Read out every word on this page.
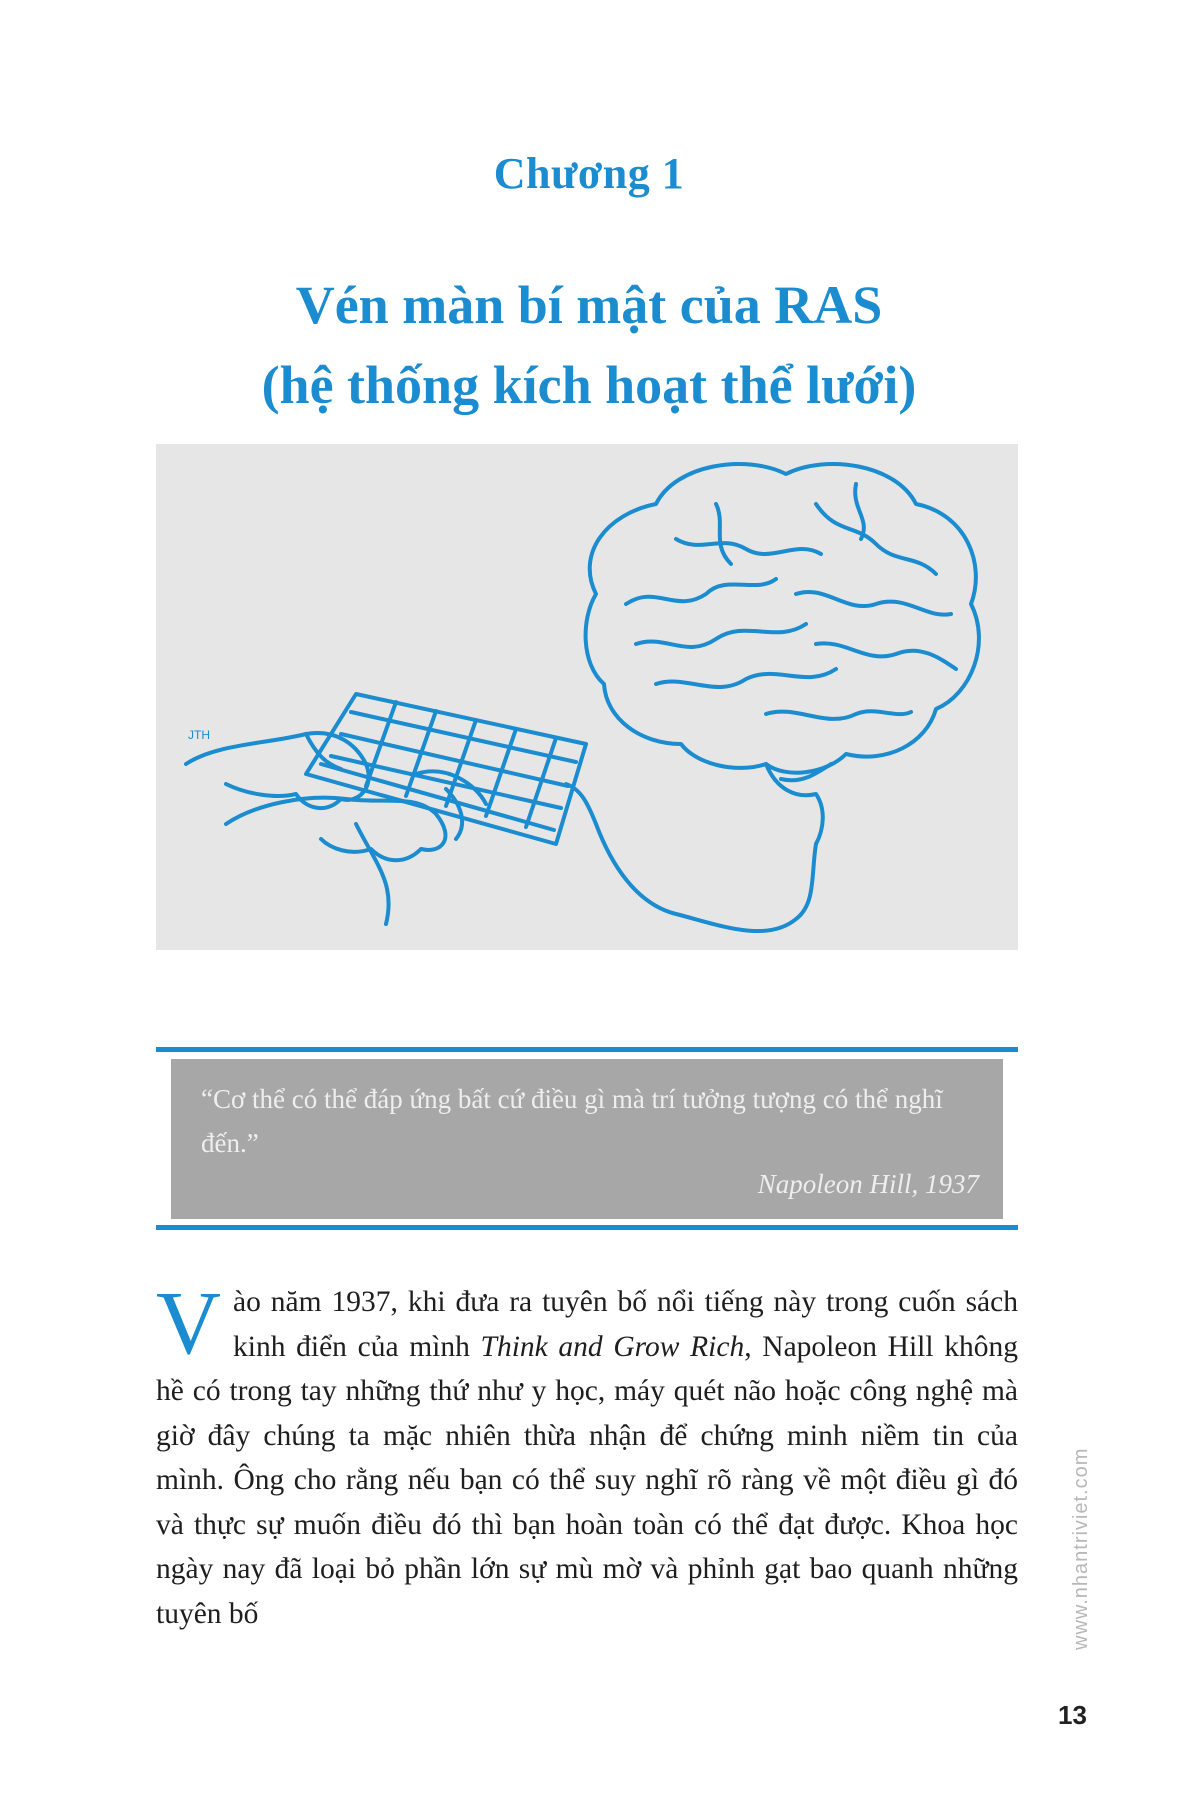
Chương 1
Vén màn bí mật của RAS
(hệ thống kích hoạt thể lưới)
JTH
“Cơ thể có thể đáp ứng bất cứ điều gì mà trí tưởng tượng có thể nghĩ đến.”
Napoleon Hill, 1937
Vào năm 1937, khi đưa ra tuyên bố nổi tiếng này trong cuốn sách kinh điển của mình Think and Grow Rich, Napoleon Hill không hề có trong tay những thứ như y học, máy quét não hoặc công nghệ mà giờ đây chúng ta mặc nhiên thừa nhận để chứng minh niềm tin của mình. Ông cho rằng nếu bạn có thể suy nghĩ rõ ràng về một điều gì đó và thực sự muốn điều đó thì bạn hoàn toàn có thể đạt được. Khoa học ngày nay đã loại bỏ phần lớn sự mù mờ và phỉnh gạt bao quanh những tuyên bố	www.nhantriviet.com
13
